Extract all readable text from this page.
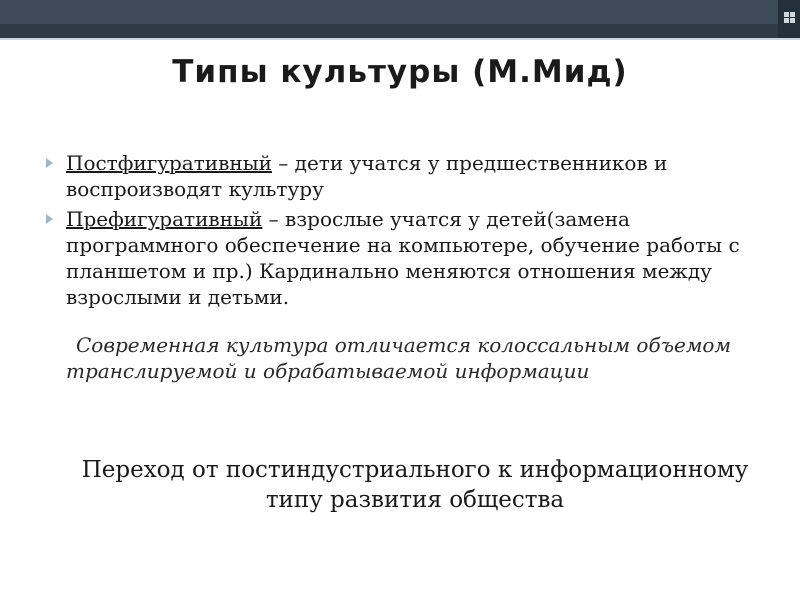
Типы культуры (М.Мид)
Постфигуративный – дети учатся у предшественников и воспроизводят культуру
Префигуративный – взрослые учатся у детей(замена программного обеспечение на компьютере, обучение работы с планшетом и пр.) Кардинально меняются отношения между взрослыми и детьми.
Современная культура отличается колоссальным объемом транслируемой и обрабатываемой информации
Переход от постиндустриального к информационному типу развития общества
